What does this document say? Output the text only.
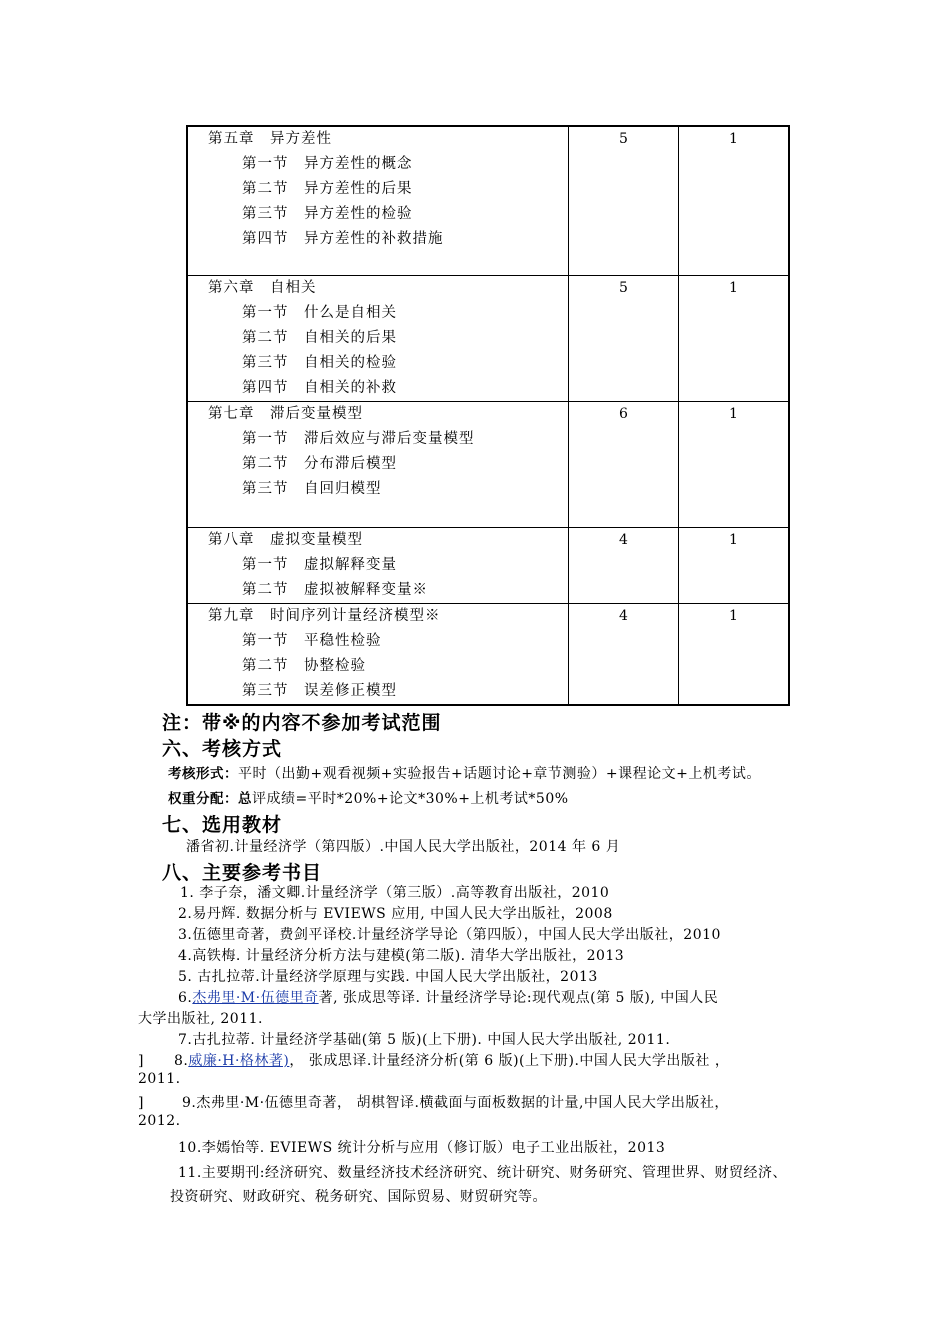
第五章　异方差性
第一节　异方差性的概念
第二节　异方差性的后果
第三节　异方差性的检验
第四节　异方差性的补救措施	5	1

第六章　自相关
第一节　什么是自相关
第二节　自相关的后果
第三节　自相关的检验
第四节　自相关的补救	5	1

第七章　滞后变量模型
第一节　滞后效应与滞后变量模型
第二节　分布滞后模型
第三节　自回归模型	6	1

第八章　虚拟变量模型
第一节　虚拟解释变量
第二节　虚拟被解释变量※	4	1

第九章　时间序列计量经济模型※
第一节　平稳性检验
第二节　协整检验
第三节　误差修正模型	4	1
注：带※的内容不参加考试范围
六、考核方式
考核形式：平时（出勤+观看视频+实验报告+话题讨论+章节测验）+课程论文+上机考试。
权重分配：总评成绩=平时*20%+论文*30%+上机考试*50%
七、选用教材
潘省初.计量经济学（第四版）.中国人民大学出版社，2014 年 6 月
八、主要参考书目
1. 李子奈，潘文卿.计量经济学（第三版）.高等教育出版社，2010
2.易丹辉. 数据分析与 EVIEWS 应用, 中国人民大学出版社，2008
3.伍德里奇著，费剑平译校.计量经济学导论（第四版），中国人民大学出版社，2010
4.高铁梅. 计量经济分析方法与建模(第二版). 清华大学出版社，2013
5. 古扎拉蒂.计量经济学原理与实践. 中国人民大学出版社，2013
6.杰弗里·M·伍德里奇著, 张成思等译. 计量经济学导论:现代观点(第 5 版), 中国人民
大学出版社, 2011.
7.古扎拉蒂. 计量经济学基础(第 5 版)(上下册). 中国人民大学出版社, 2011.
] 8.威廉·H·格林著)， 张成思译.计量经济分析(第 6 版)(上下册).中国人民大学出版社 ，
2011.
]	9.杰弗里·M·伍德里奇著， 胡棋智译.横截面与面板数据的计量,中国人民大学出版社，
2012.
10.李嫣怡等. EVIEWS 统计分析与应用（修订版）电子工业出版社，2013
11.主要期刊:经济研究、数量经济技术经济研究、统计研究、财务研究、管理世界、财贸经济、
投资研究、财政研究、税务研究、国际贸易、财贸研究等。
